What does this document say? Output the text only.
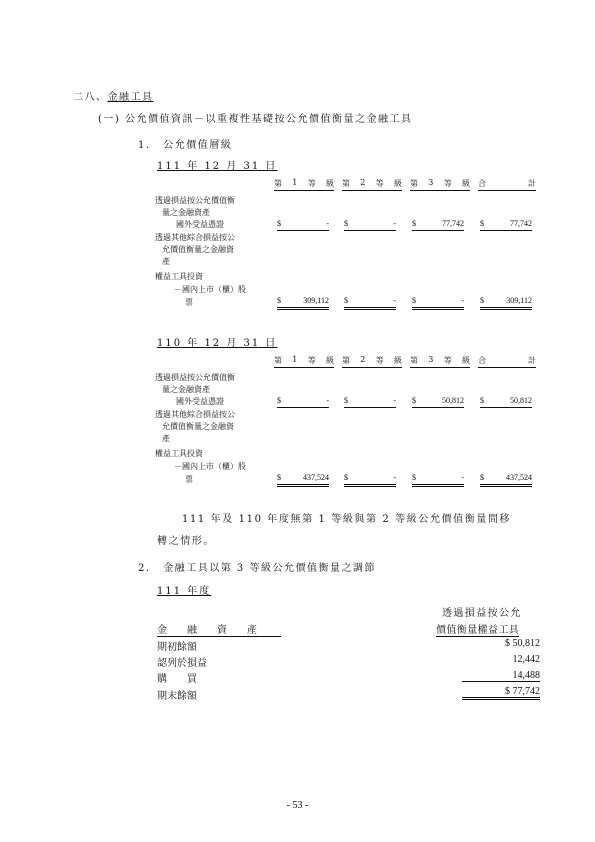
二八、金融工具
(一) 公允價值資訊－以重複性基礎按公允價值衡量之金融工具
1. 公允價值層級
111 年 12 月 31 日
第 1 等 級 第 2 等 級 第 3 等 級 合	計
透過損益按公允價值衡
量之金融資產
國外受益憑證	$	- $	- $	77,742 $	77,742
透過其他綜合損益按公
允價值衡量之金融資
產
權益工具投資
－國內上市（櫃）股
票	$	309,112 $	- $	- $	309,112
110 年 12 月 31 日
第 1 等 級 第 2 等 級 第 3 等 級 合	計
透過損益按公允價值衡
量之金融資產
國外受益憑證	$	- $	- $	50,812 $	50,812
透過其他綜合損益按公
允價值衡量之金融資
產
權益工具投資
－國內上市（櫃）股
票	$	437,524 $	- $	- $	437,524
111 年及 110 年度無第 1 等級與第 2 等級公允價值衡量間移
轉之情形。
2. 金融工具以第 3 等級公允價值衡量之調節
111 年度
透過損益按公允
價值衡量權益工具
金　　融　　資　　產
期初餘額	$ 50,812
認列於損益	12,442
購　　買	14,488
期末餘額	$ 77,742
- 53 -
